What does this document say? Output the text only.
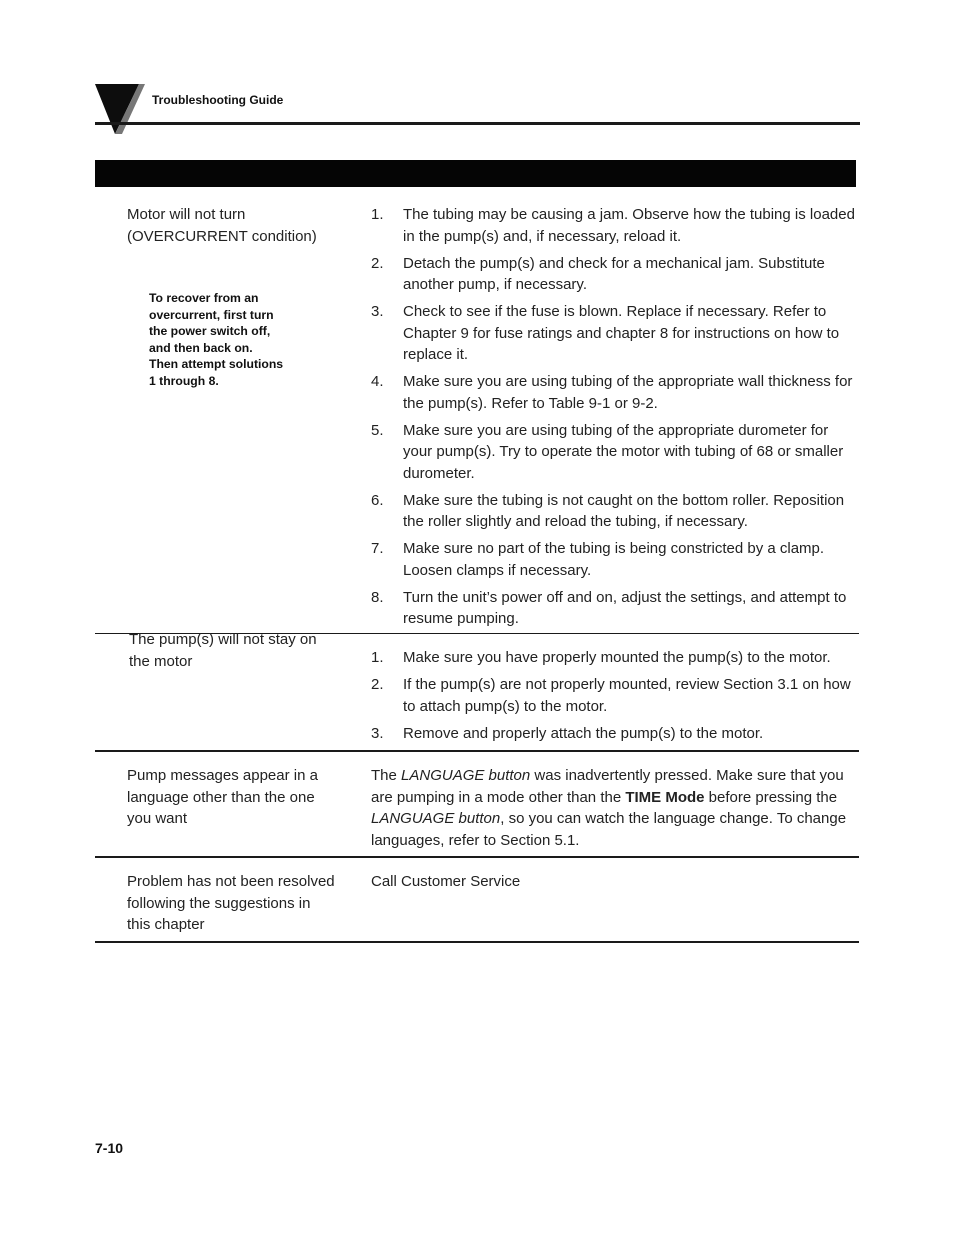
Troubleshooting Guide
Motor will not turn
(OVERCURRENT condition)
To recover from an
overcurrent, first turn
the power switch off,
and then back on.
Then attempt solutions
1 through 8.
1. The tubing may be causing a jam. Observe how the tubing is loaded in the pump(s) and, if necessary, reload it.
2. Detach the pump(s) and check for a mechanical jam. Substitute another pump, if necessary.
3. Check to see if the fuse is blown. Replace if necessary. Refer to Chapter 9 for fuse ratings and chapter 8 for instructions on how to replace it.
4. Make sure you are using tubing of the appropriate wall thickness for the pump(s). Refer to Table 9-1 or 9-2.
5. Make sure you are using tubing of the appropriate durometer for your pump(s). Try to operate the motor with tubing of 68 or smaller durometer.
6. Make sure the tubing is not caught on the bottom roller. Reposition the roller slightly and reload the tubing, if necessary.
7. Make sure no part of the tubing is being constricted by a clamp. Loosen clamps if necessary.
8. Turn the unit’s power off and on, adjust the settings, and attempt to resume pumping.
The pump(s) will not stay on
the motor	1. Make sure you have properly mounted the pump(s) to the motor.
2. If the pump(s) are not properly mounted, review Section 3.1 on how to attach pump(s) to the motor.
3. Remove and properly attach the pump(s) to the motor.
Pump messages appear in a
language other than the one
you want
The LANGUAGE button was inadvertently pressed. Make sure that you are pumping in a mode other than the TIME Mode before pressing the LANGUAGE button, so you can watch the language change. To change languages, refer to Section 5.1.
Problem has not been resolved
following the suggestions in
this chapter
Call Customer Service
7-10
